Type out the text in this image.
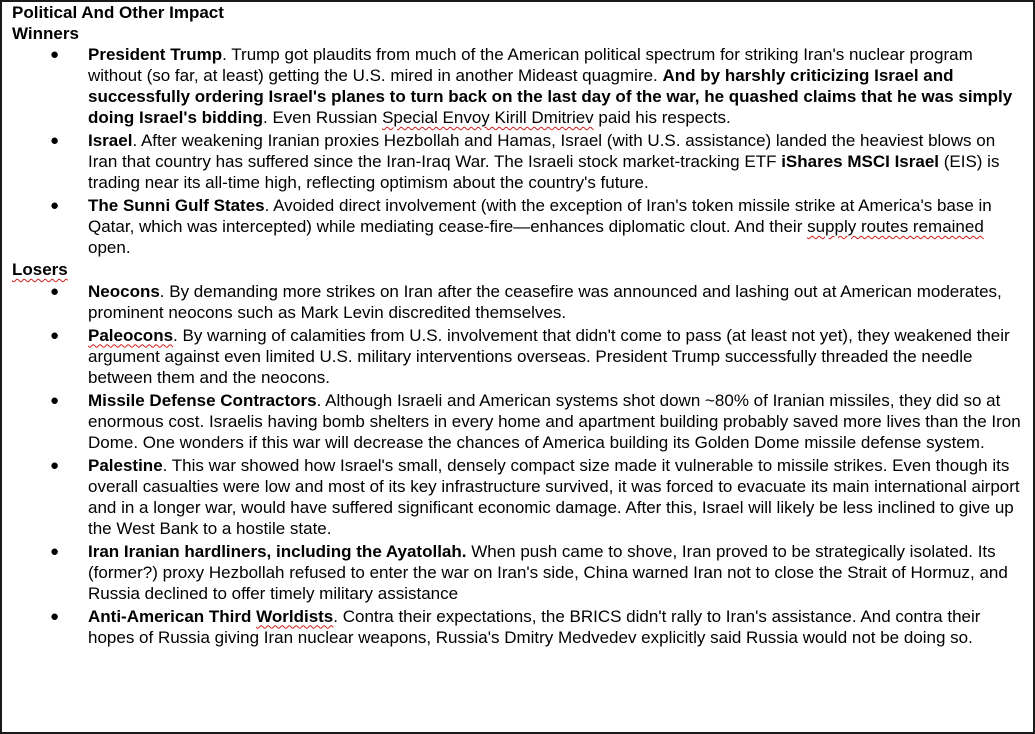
Political And Other Impact

Winners

● President Trump. Trump got plaudits from much of the American political spectrum for striking Iran's nuclear program without (so far, at least) getting the U.S. mired in another Mideast quagmire. And by harshly criticizing Israel and successfully ordering Israel's planes to turn back on the last day of the war, he quashed claims that he was simply doing Israel's bidding. Even Russian Special Envoy Kirill Dmitriev paid his respects.
● Israel. After weakening Iranian proxies Hezbollah and Hamas, Israel (with U.S. assistance) landed the heaviest blows on Iran that country has suffered since the Iran-Iraq War. The Israeli stock market-tracking ETF iShares MSCI Israel (EIS) is trading near its all-time high, reflecting optimism about the country's future.
● The Sunni Gulf States. Avoided direct involvement (with the exception of Iran's token missile strike at America's base in Qatar, which was intercepted) while mediating cease-fire—enhances diplomatic clout. And their supply routes remained open.

Losers

● Neocons. By demanding more strikes on Iran after the ceasefire was announced and lashing out at American moderates, prominent neocons such as Mark Levin discredited themselves.
● Paleocons. By warning of calamities from U.S. involvement that didn't come to pass (at least not yet), they weakened their argument against even limited U.S. military interventions overseas. President Trump successfully threaded the needle between them and the neocons.
● Missile Defense Contractors. Although Israeli and American systems shot down ~80% of Iranian missiles, they did so at enormous cost. Israelis having bomb shelters in every home and apartment building probably saved more lives than the Iron Dome. One wonders if this war will decrease the chances of America building its Golden Dome missile defense system.
● Palestine. This war showed how Israel's small, densely compact size made it vulnerable to missile strikes. Even though its overall casualties were low and most of its key infrastructure survived, it was forced to evacuate its main international airport and in a longer war, would have suffered significant economic damage. After this, Israel will likely be less inclined to give up the West Bank to a hostile state.
● Iran Iranian hardliners, including the Ayatollah. When push came to shove, Iran proved to be strategically isolated. Its (former?) proxy Hezbollah refused to enter the war on Iran's side, China warned Iran not to close the Strait of Hormuz, and Russia declined to offer timely military assistance
● Anti-American Third Worldists. Contra their expectations, the BRICS didn't rally to Iran's assistance. And contra their hopes of Russia giving Iran nuclear weapons, Russia's Dmitry Medvedev explicitly said Russia would not be doing so.
